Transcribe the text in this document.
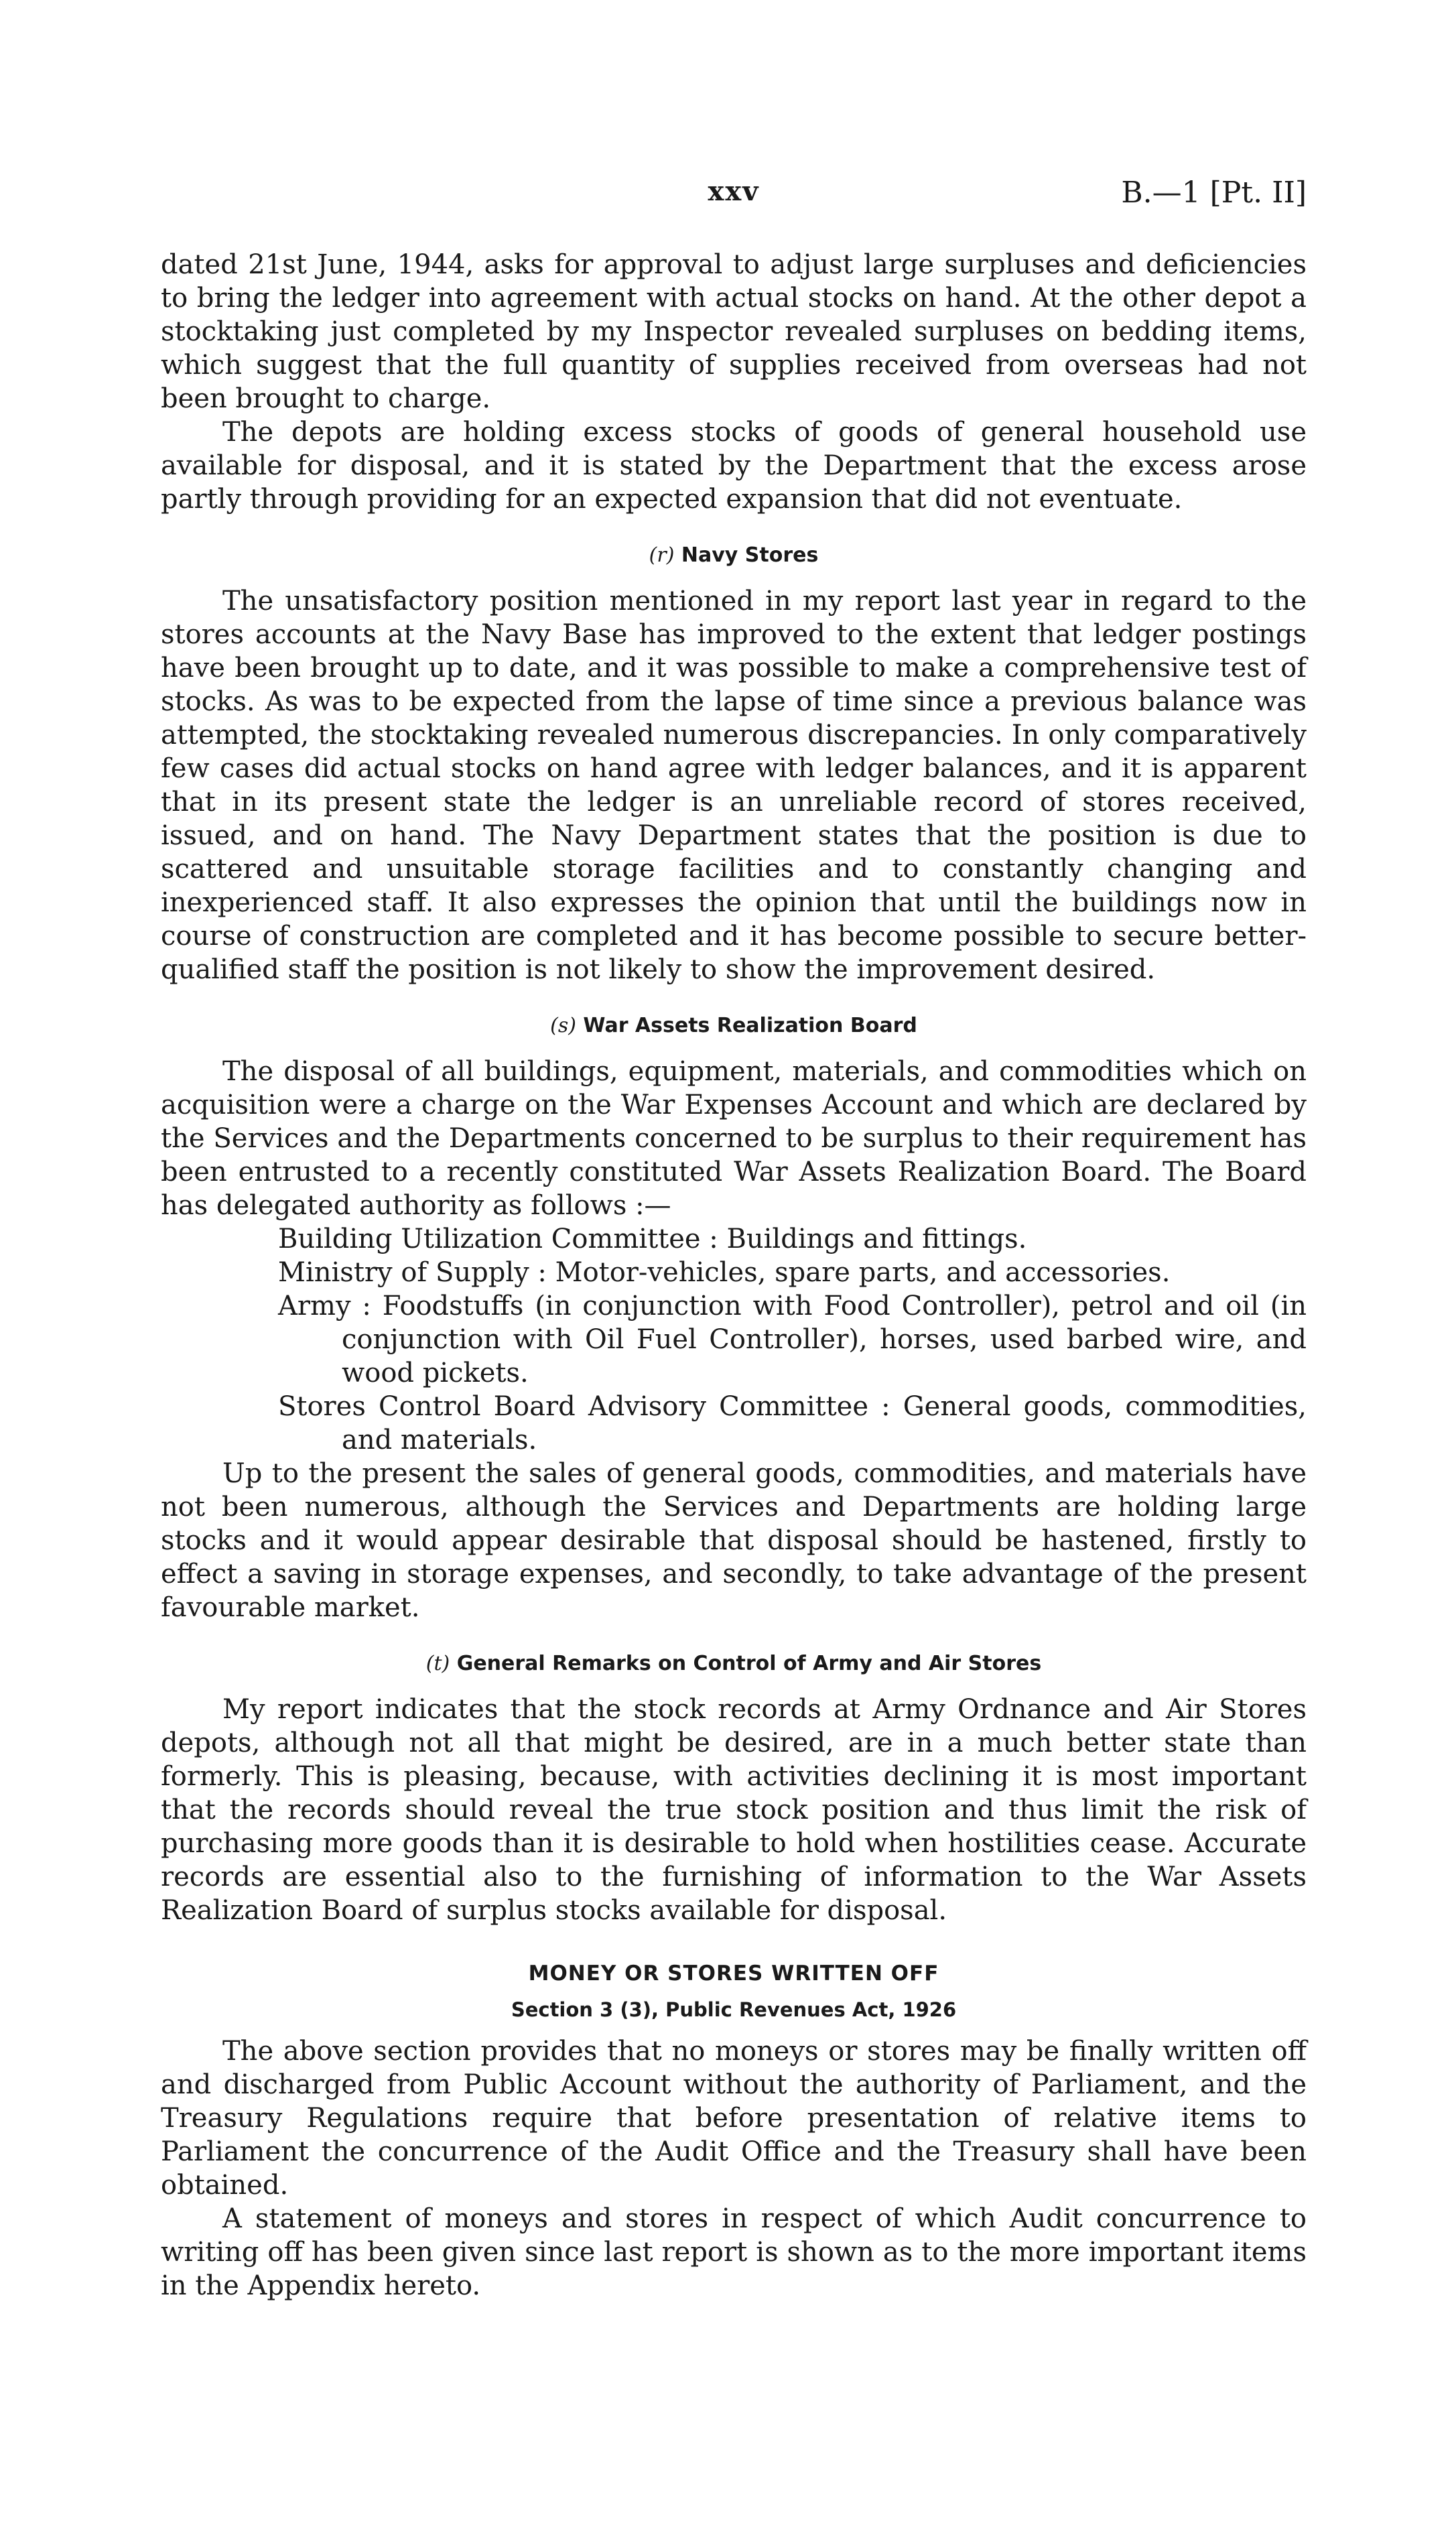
xxv	B.—1 [Pt. II]

dated 21st June, 1944, asks for approval to adjust large surpluses and deficiencies to bring the ledger into agreement with actual stocks on hand. At the other depot a stocktaking just completed by my Inspector revealed surpluses on bedding items, which suggest that the full quantity of supplies received from overseas had not been brought to charge.

The depots are holding excess stocks of goods of general household use available for disposal, and it is stated by the Department that the excess arose partly through providing for an expected expansion that did not eventuate.

(r) Navy Stores

The unsatisfactory position mentioned in my report last year in regard to the stores accounts at the Navy Base has improved to the extent that ledger postings have been brought up to date, and it was possible to make a comprehensive test of stocks. As was to be expected from the lapse of time since a previous balance was attempted, the stocktaking revealed numerous discrepancies. In only comparatively few cases did actual stocks on hand agree with ledger balances, and it is apparent that in its present state the ledger is an unreliable record of stores received, issued, and on hand. The Navy Department states that the position is due to scattered and unsuitable storage facilities and to constantly changing and inexperienced staff. It also expresses the opinion that until the buildings now in course of construction are completed and it has become possible to secure better-qualified staff the position is not likely to show the improvement desired.

(s) War Assets Realization Board

The disposal of all buildings, equipment, materials, and commodities which on acquisition were a charge on the War Expenses Account and which are declared by the Services and the Departments concerned to be surplus to their requirement has been entrusted to a recently constituted War Assets Realization Board. The Board has delegated authority as follows :—

Building Utilization Committee : Buildings and fittings.
Ministry of Supply : Motor-vehicles, spare parts, and accessories.
Army : Foodstuffs (in conjunction with Food Controller), petrol and oil (in conjunction with Oil Fuel Controller), horses, used barbed wire, and wood pickets.
Stores Control Board Advisory Committee : General goods, commodities, and materials.

Up to the present the sales of general goods, commodities, and materials have not been numerous, although the Services and Departments are holding large stocks and it would appear desirable that disposal should be hastened, firstly to effect a saving in storage expenses, and secondly, to take advantage of the present favourable market.

(t) General Remarks on Control of Army and Air Stores

My report indicates that the stock records at Army Ordnance and Air Stores depots, although not all that might be desired, are in a much better state than formerly. This is pleasing, because, with activities declining it is most important that the records should reveal the true stock position and thus limit the risk of purchasing more goods than it is desirable to hold when hostilities cease. Accurate records are essential also to the furnishing of information to the War Assets Realization Board of surplus stocks available for disposal.

MONEY OR STORES WRITTEN OFF
Section 3 (3), Public Revenues Act, 1926

The above section provides that no moneys or stores may be finally written off and discharged from Public Account without the authority of Parliament, and the Treasury Regulations require that before presentation of relative items to Parliament the concurrence of the Audit Office and the Treasury shall have been obtained.

A statement of moneys and stores in respect of which Audit concurrence to writing off has been given since last report is shown as to the more important items in the Appendix hereto.
